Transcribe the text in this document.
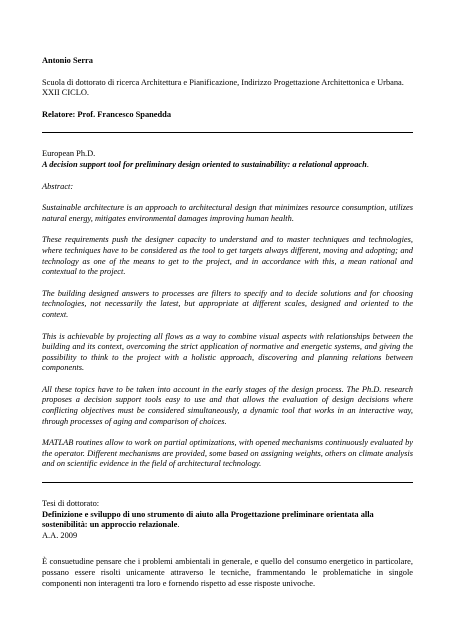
Antonio Serra

Scuola di dottorato di ricerca Architettura e Pianificazione, Indirizzo Progettazione Architettonica e Urbana. XXII CICLO.

Relatore: Prof. Francesco Spanedda

European Ph.D.

A decision support tool for preliminary design oriented to sustainability: a relational approach.

Abstract:

Sustainable architecture is an approach to architectural design that minimizes resource consumption, utilizes natural energy, mitigates environmental damages improving human health.

These requirements push the designer capacity to understand and to master techniques and technologies, where techniques have to be considered as the tool to get targets always different, moving and adopting; and technology as one of the means to get to the project, and in accordance with this, a mean rational and contextual to the project.

The building designed answers to processes are filters to specify and to decide solutions and for choosing technologies, not necessarily the latest, but appropriate at different scales, designed and oriented to the context.

This is achievable by projecting all flows as a way to combine visual aspects with relationships between the building and its context, overcoming the strict application of normative and energetic systems, and giving the possibility to think to the project with a holistic approach, discovering and planning relations between components.

All these topics have to be taken into account in the early stages of the design process. The Ph.D. research proposes a decision support tools easy to use and that allows the evaluation of design decisions where conflicting objectives must be considered simultaneously, a dynamic tool that works in an interactive way, through processes of aging and comparison of choices.

MATLAB routines allow to work on partial optimizations, with opened mechanisms continuously evaluated by the operator. Different mechanisms are provided, some based on assigning weights, others on climate analysis and on scientific evidence in the field of architectural technology.

Tesi di dottorato:

Definizione e sviluppo di uno strumento di aiuto alla Progettazione preliminare orientata alla sostenibilità: un approccio relazionale.

A.A. 2009

È consuetudine pensare che i problemi ambientali in generale, e quello del consumo energetico in particolare, possano essere risolti unicamente attraverso le tecniche, frammentando le problematiche in singole componenti non interagenti tra loro e fornendo rispetto ad esse risposte univoche.
